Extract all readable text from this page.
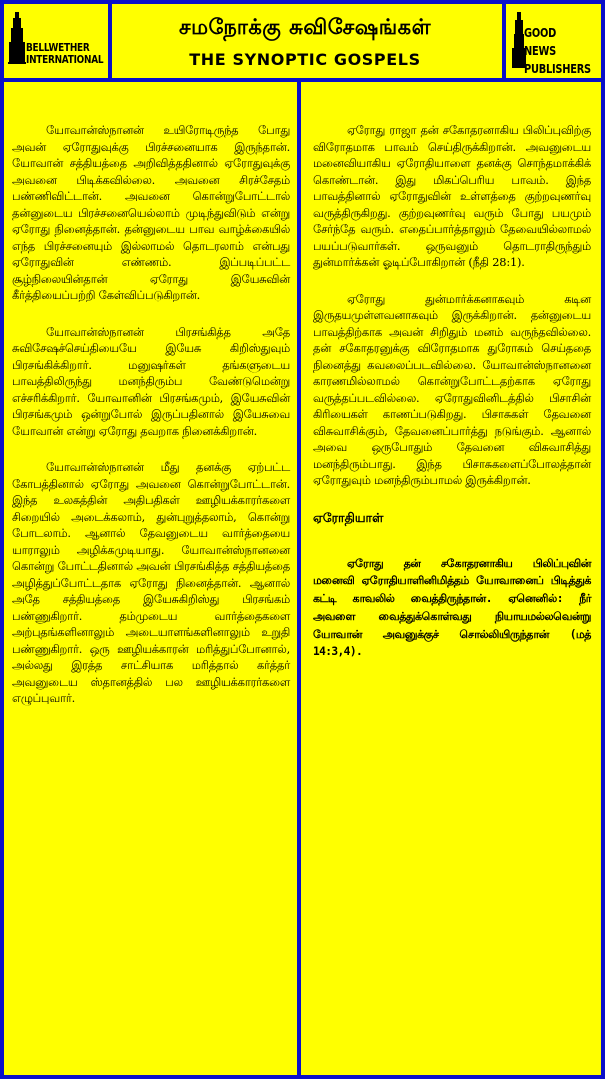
BELLWETHER
INTERNATIONAL
சமநோக்கு சுவிசேஷங்கள்
THE SYNOPTIC GOSPELS
GOOD NEWS
PUBLISHERS

யோவான்ஸ்நானன் உயிரோடிருந்த போது அவன் ஏரோதுவுக்கு பிரச்சனையாக இருந்தான். யோவான் சத்தியத்தை அறிவித்ததினால் ஏரோதுவுக்கு அவனை பிடிக்கவில்லை. அவனை சிரச்சேதம் பண்ணிவிட்டான். அவனை கொன்றுபோட்டால் தன்னுடைய பிரச்சனையெல்லாம் முடிந்துவிடும் என்று ஏரோது நினைத்தான். தன்னுடைய பாவ வாழ்க்கையில் எந்த பிரச்சனையும் இல்லாமல் தொடரலாம் என்பது ஏரோதுவின் எண்ணம். இப்படிப்பட்ட சூழ்நிலையின்தான் ஏரோது இயேசுவின் கீர்த்தியைப்பற்றி கேள்விப்படுகிறான்.

யோவான்ஸ்நானன் பிரசங்கித்த அதே சுவிசேஷச்செய்தியையே இயேசு கிறிஸ்துவும் பிரசங்கிக்கிறார். மனுஷர்கள் தங்களுடைய பாவத்திலிருந்து மனந்திரும்ப வேண்டுமென்று எச்சரிக்கிறார். யோவானின் பிரசங்கமும், இயேசுவின் பிரசங்கமும் ஒன்றுபோல் இருப்பதினால் இயேசுவை யோவான் என்று ஏரோது தவறாக நினைக்கிறான்.

யோவான்ஸ்நானன் மீது தனக்கு ஏற்பட்ட கோபத்தினால் ஏரோது அவனை கொன்றுபோட்டான். இந்த உலகத்தின் அதிபதிகள் ஊழியக்காரர்களை சிறையில் அடைக்கலாம், துன்புறுத்தலாம், கொன்று போடலாம். ஆனால் தேவனுடைய வார்த்தையை யாராலும் அழிக்கமுடியாது. யோவான்ஸ்நானனை கொன்று போட்டதினால் அவன் பிரசங்கித்த சத்தியத்தை அழித்துப்போட்டதாக ஏரோது நினைத்தான். ஆனால் அதே சத்தியத்தை இயேசுகிறிஸ்து பிரசங்கம் பண்ணுகிறார். தம்முடைய வார்த்தைகளை அற்புதங்களினாலும் அடையாளங்களினாலும் உறுதி பண்ணுகிறார். ஒரு ஊழியக்காரன் மரித்துப்போனால், அல்லது இரத்த சாட்சியாக மரித்தால் கர்த்தர் அவனுடைய ஸ்தானத்தில் பல ஊழியக்காரர்களை எழுப்புவார்.

ஏரோது ராஜா தன் சகோதரனாகிய பிலிப்புவிற்கு விரோதமாக பாவம் செய்திருக்கிறான். அவனுடைய மனைவியாகிய ஏரோதியாளை தனக்கு சொந்தமாக்கிக் கொண்டான். இது மிகப்பெரிய பாவம். இந்த பாவத்தினால் ஏரோதுவின் உள்ளத்தை குற்றவுணர்வு வருத்திருகிறது. குற்றவுணர்வு வரும் போது பயமும் சேர்ந்தே வரும். எதைப்பார்த்தாலும் தேவையில்லாமல் பயப்படுவார்கள். ஒருவனும் தொடராதிருந்தும் துன்மார்க்கன் ஓடிப்போகிறான் (நீதி 28:1).

ஏரோது துன்மார்க்கனாகவும் கடின இருதயமுள்ளவனாகவும் இருக்கிறான். தன்னுடைய பாவத்திற்காக அவன் சிறிதும் மனம் வருந்தவில்லை. தன் சகோதரனுக்கு விரோதமாக துரோகம் செய்ததை நினைத்து கவலைப்படவில்லை. யோவான்ஸ்நானனை காரணமில்லாமல் கொன்றுபோட்டதற்காக ஏரோது வருத்தப்படவில்லை. ஏரோதுவினிடத்தில் பிசாசின் கிரியைகள் காணப்படுகிறது. பிசாசுகள் தேவனை விசுவாசிக்கும், தேவனைப்பார்த்து நடுங்கும். ஆனால் அவை ஒருபோதும் தேவனை விசுவாசித்து மனந்திரும்பாது. இந்த பிசாசுகளைப்போலத்தான் ஏரோதுவும் மனந்திரும்பாமல் இருக்கிறான்.

ஏரோதியாள்

ஏரோது தன் சகோதரனாகிய பிலிப்புவின் மனைவி ஏரோதியாளினிமித்தம் யோவானைப் பிடித்துக் கட்டி காவலில் வைத்திருந்தான். ஏனெனில்: நீர் அவளை வைத்துக்கொள்வது நியாயமல்லவென்று யோவான் அவனுக்குச் சொல்லியிருந்தான் (மத் 14:3,4).
